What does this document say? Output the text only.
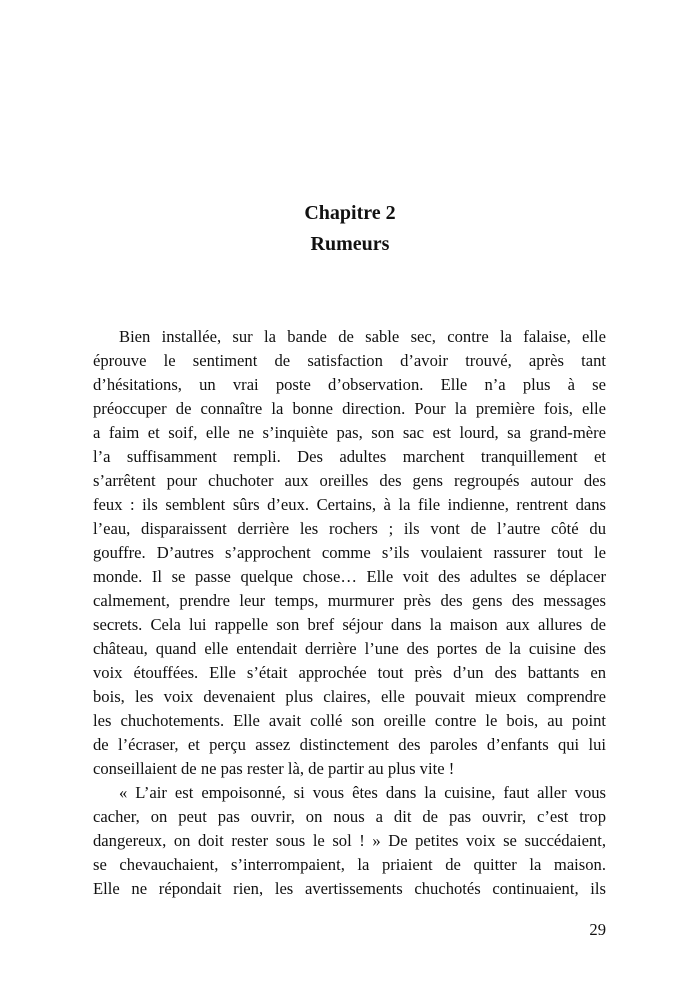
Chapitre 2
Rumeurs
Bien installée, sur la bande de sable sec, contre la falaise, elle
éprouve le sentiment de satisfaction d’avoir trouvé, après tant
d’hésitations, un vrai poste d’observation. Elle n’a plus à se
préoccuper de connaître la bonne direction. Pour la première fois, elle
a faim et soif, elle ne s’inquiète pas, son sac est lourd, sa grand-mère
l’a suffisamment rempli. Des adultes marchent tranquillement et
s’arrêtent pour chuchoter aux oreilles des gens regroupés autour des
feux : ils semblent sûrs d’eux. Certains, à la file indienne, rentrent dans
l’eau, disparaissent derrière les rochers ; ils vont de l’autre côté du
gouffre. D’autres s’approchent comme s’ils voulaient rassurer tout le
monde. Il se passe quelque chose… Elle voit des adultes se déplacer
calmement, prendre leur temps, murmurer près des gens des messages
secrets. Cela lui rappelle son bref séjour dans la maison aux allures de
château, quand elle entendait derrière l’une des portes de la cuisine des
voix étouffées. Elle s’était approchée tout près d’un des battants en
bois, les voix devenaient plus claires, elle pouvait mieux comprendre
les chuchotements. Elle avait collé son oreille contre le bois, au point
de l’écraser, et perçu assez distinctement des paroles d’enfants qui lui
conseillaient de ne pas rester là, de partir au plus vite !
« L’air est empoisonné, si vous êtes dans la cuisine, faut aller vous
cacher, on peut pas ouvrir, on nous a dit de pas ouvrir, c’est trop
dangereux, on doit rester sous le sol ! » De petites voix se succédaient,
se chevauchaient, s’interrompaient, la priaient de quitter la maison.
Elle ne répondait rien, les avertissements chuchotés continuaient, ils
29
